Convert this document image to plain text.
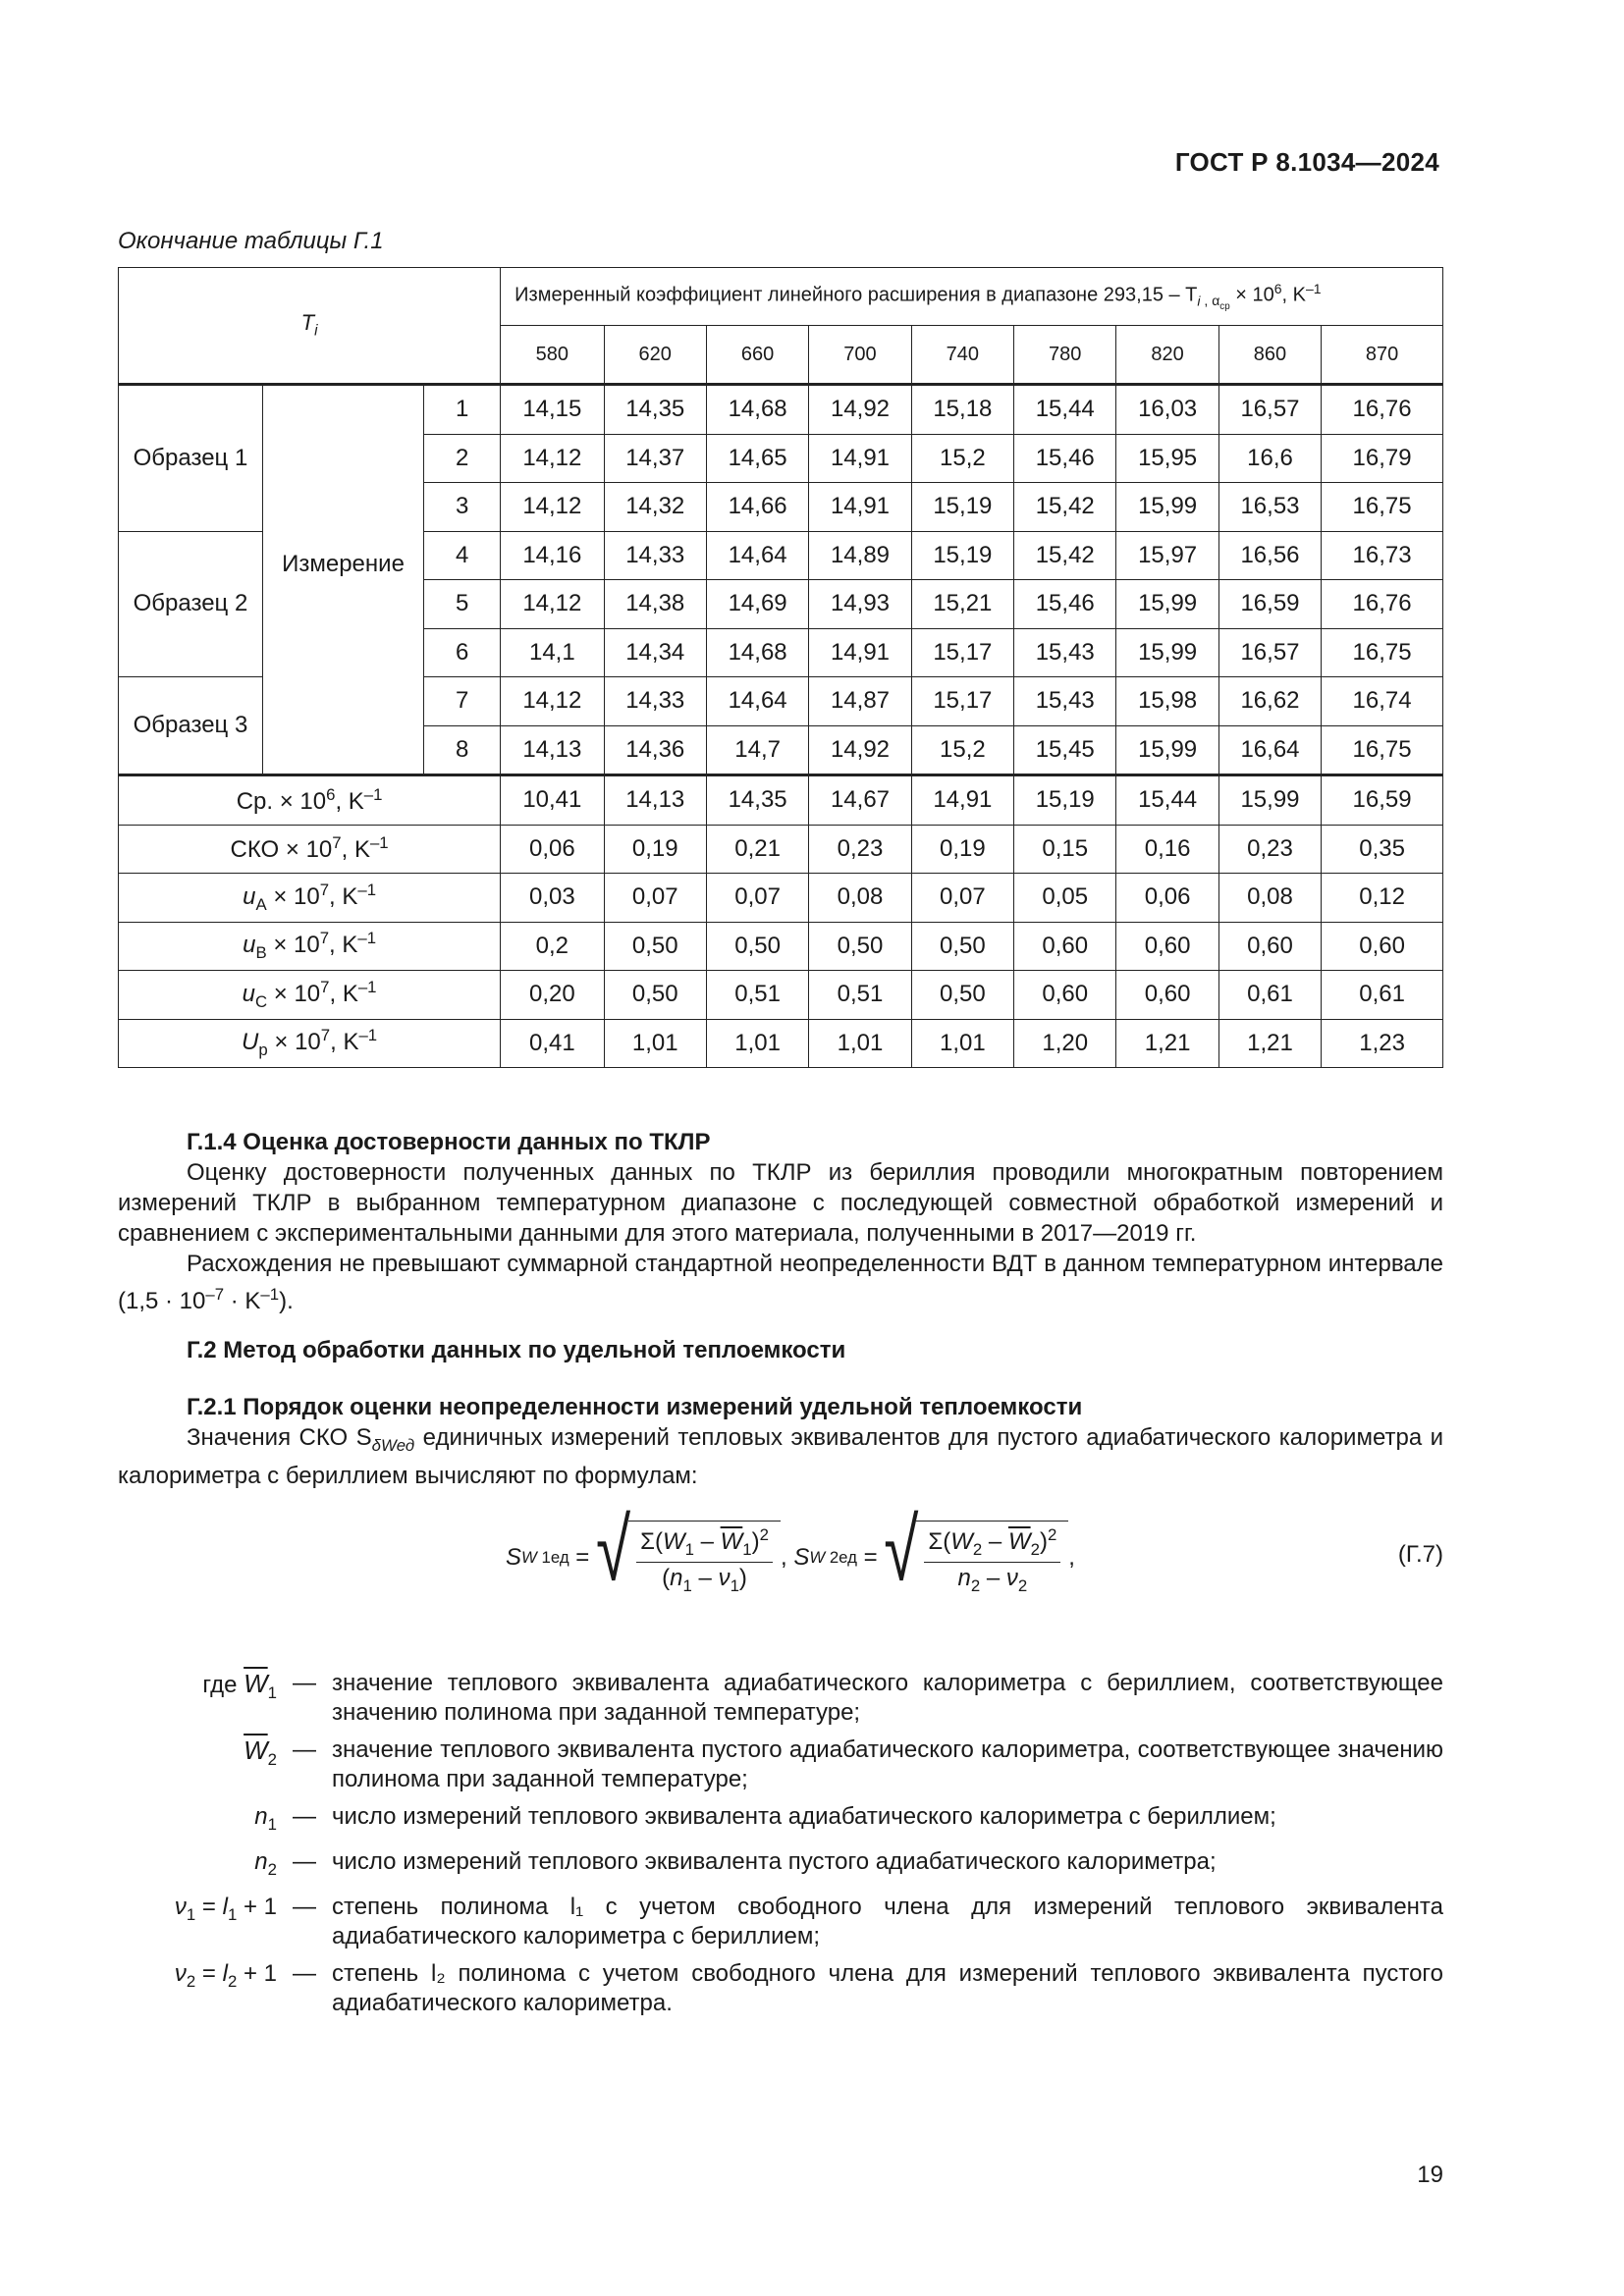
ГОСТ Р 8.1034—2024
Окончание таблицы Г.1
$T_i$			Измеренный коэффициент линейного расширения в диапазоне $293,15 - T_i$ $_{, \alpha_{ср}} \times 10^6$, $K^{-1}$
			580	620	660	700	740	780	820	860	870
Образец 1	Измерение	1	14,15	14,35	14,68	14,92	15,18	15,44	16,03	16,57	16,76
		2	14,12	14,37	14,65	14,91	15,2	15,46	15,95	16,6	16,79
		3	14,12	14,32	14,66	14,91	15,19	15,42	15,99	16,53	16,75
Образец 2		4	14,16	14,33	14,64	14,89	15,19	15,42	15,97	16,56	16,73
		5	14,12	14,38	14,69	14,93	15,21	15,46	15,99	16,59	16,76
		6	14,1	14,34	14,68	14,91	15,17	15,43	15,99	16,57	16,75
Образец 3		7	14,12	14,33	14,64	14,87	15,17	15,43	15,98	16,62	16,74
		8	14,13	14,36	14,7	14,92	15,2	15,45	15,99	16,64	16,75
Ср. × $10^6$, $K^{-1}$			10,41	14,13	14,35	14,67	14,91	15,19	15,44	15,99	16,59
СКО × $10^7$, $K^{-1}$			0,06	0,19	0,21	0,23	0,19	0,15	0,16	0,23	0,35
$u_A \times 10^7$, $K^{-1}$			0,03	0,07	0,07	0,08	0,07	0,05	0,06	0,08	0,12
$u_B \times 10^7$, $K^{-1}$			0,2	0,50	0,50	0,50	0,50	0,60	0,60	0,60	0,60
$u_C \times 10^7$, $K^{-1}$			0,20	0,50	0,51	0,51	0,50	0,60	0,60	0,61	0,61
$U_p \times 10^7$, $K^{-1}$			0,41	1,01	1,01	1,01	1,01	1,20	1,21	1,21	1,23
Г.1.4 Оценка достоверности данных по ТКЛР
Оценку достоверности полученных данных по ТКЛР из бериллия проводили многократным повторением измерений ТКЛР в выбранном температурном диапазоне с последующей совместной обработкой измерений и сравнением с экспериментальными данными для этого материала, полученными в 2017—2019 гг.
Расхождения не превышают суммарной стандартной неопределенности ВДТ в данном температурном интервале $(1,5 \cdot 10^{-7} \cdot K^{-1})$.
Г.2 Метод обработки данных по удельной теплоемкости
Г.2.1 Порядок оценки неопределенности измерений удельной теплоемкости
Значения СКО $S_{\delta Wед}$ единичных измерений тепловых эквивалентов для пустого адиабатического калориметра и калориметра с бериллием вычисляют по формулам:
S W 1ед = √ $\frac{\Sigma(W_1 - \overline{W}_1)^2}{(n_1 - \nu_1)}$ , S W 2ед = √ $\frac{\Sigma(W_2 - \overline{W}_2)^2}{n_2 - \nu_2}$ ,	(Г.7)
где $\overline{W}_1$ — значение теплового эквивалента адиабатического калориметра с бериллием, соответствующее значению полинома при заданной температуре;
$\overline{W}_2$ — значение теплового эквивалента пустого адиабатического калориметра, соответствующее значению полинома при заданной температуре;
$n_1$ — число измерений теплового эквивалента адиабатического калориметра с бериллием;
$n_2$ — число измерений теплового эквивалента пустого адиабатического калориметра;
$\nu_1 = l_1 + 1$ — степень полинома l₁ с учетом свободного члена для измерений теплового эквивалента адиабатического калориметра с бериллием;
$\nu_2 = l_2 + 1$ — степень l₂ полинома с учетом свободного члена для измерений теплового эквивалента пустого адиабатического калориметра.
19
